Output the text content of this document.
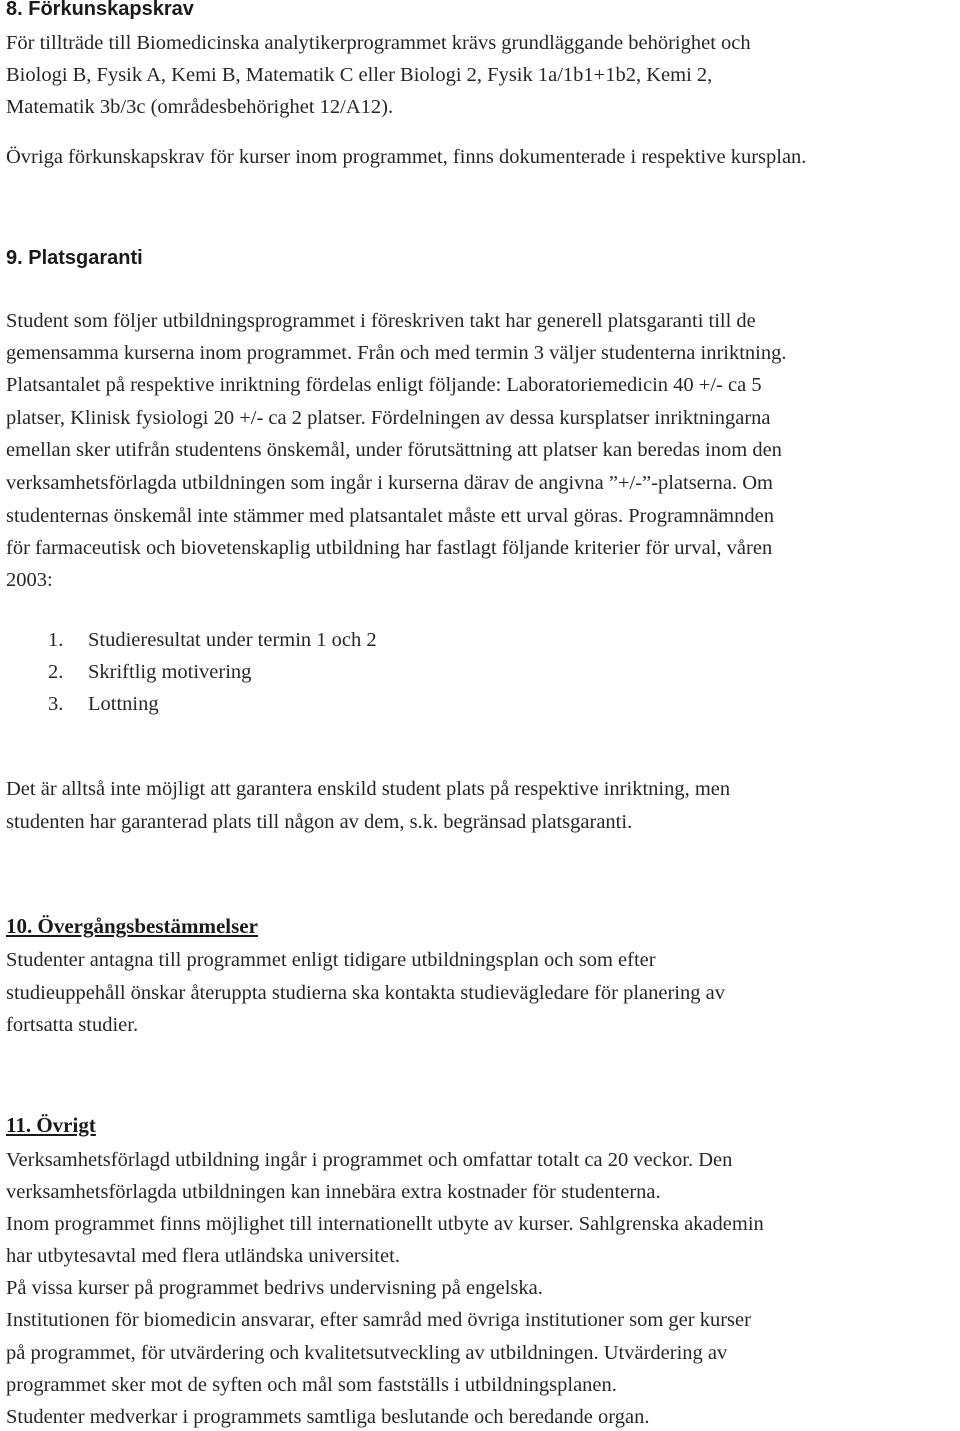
8. Förkunskapskrav
För tillträde till Biomedicinska analytikerprogrammet krävs grundläggande behörighet och
Biologi B, Fysik A, Kemi B, Matematik C eller Biologi 2, Fysik 1a/1b1+1b2, Kemi 2,
Matematik 3b/3c (områdesbehörighet 12/A12).
Övriga förkunskapskrav för kurser inom programmet, finns dokumenterade i respektive kursplan.
9. Platsgaranti
Student som följer utbildningsprogrammet i föreskriven takt har generell platsgaranti till de
gemensamma kurserna inom programmet. Från och med termin 3 väljer studenterna inriktning.
Platsantalet på respektive inriktning fördelas enligt följande: Laboratoriemedicin 40 +/- ca 5
platser, Klinisk fysiologi 20 +/- ca 2 platser. Fördelningen av dessa kursplatser inriktningarna
emellan sker utifrån studentens önskemål, under förutsättning att platser kan beredas inom den
verksamhetsförlagda utbildningen som ingår i kurserna därav de angivna ”+/-”-platserna. Om
studenternas önskemål inte stämmer med platsantalet måste ett urval göras. Programnämnden
för farmaceutisk och biovetenskaplig utbildning har fastlagt följande kriterier för urval, våren
2003:
1. Studieresultat under termin 1 och 2
2. Skriftlig motivering
3. Lottning
Det är alltså inte möjligt att garantera enskild student plats på respektive inriktning, men
studenten har garanterad plats till någon av dem, s.k. begränsad platsgaranti.
10. Övergångsbestämmelser
Studenter antagna till programmet enligt tidigare utbildningsplan och som efter
studieuppehåll önskar återuppta studierna ska kontakta studievägledare för planering av
fortsatta studier.
11. Övrigt
Verksamhetsförlagd utbildning ingår i programmet och omfattar totalt ca 20 veckor. Den
verksamhetsförlagda utbildningen kan innebära extra kostnader för studenterna.
Inom programmet finns möjlighet till internationellt utbyte av kurser. Sahlgrenska akademin
har utbytesavtal med flera utländska universitet.
På vissa kurser på programmet bedrivs undervisning på engelska.
Institutionen för biomedicin ansvarar, efter samråd med övriga institutioner som ger kurser
på programmet, för utvärdering och kvalitetsutveckling av utbildningen. Utvärdering av
programmet sker mot de syften och mål som fastställs i utbildningsplanen.
Studenter medverkar i programmets samtliga beslutande och beredande organ.
